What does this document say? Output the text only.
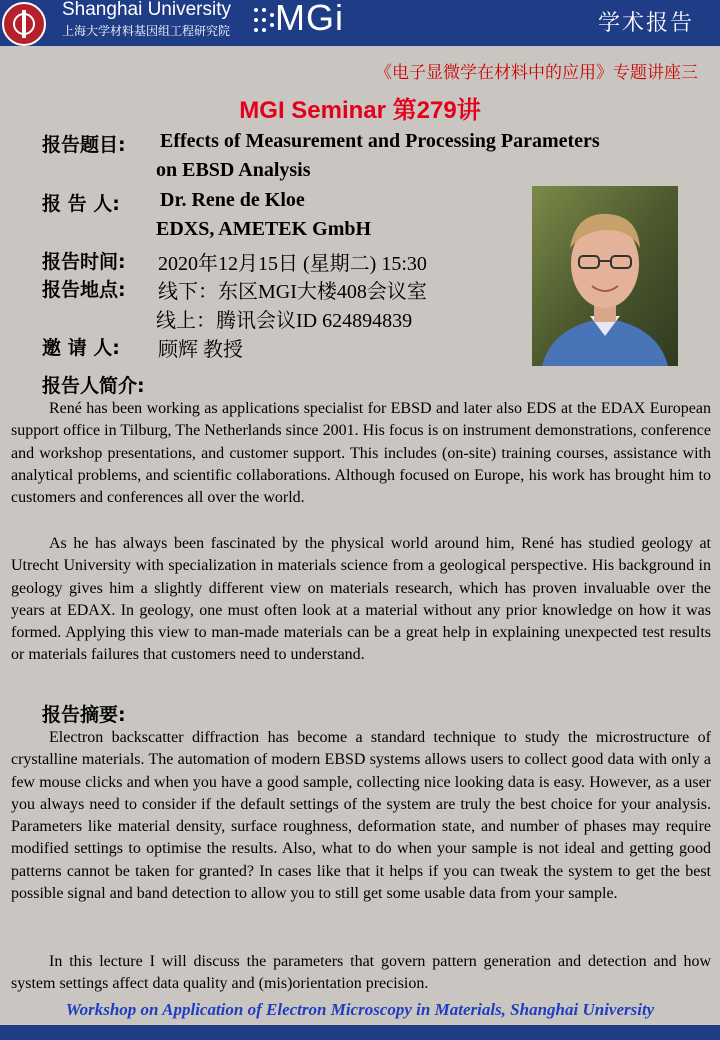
Shanghai University
上海大学材料基因组工程研究院 MGi	学术报告
《电子显微学在材料中的应用》专题讲座三
MGI Seminar 第279讲
报告题目: Effects of Measurement and Processing Parameters
on EBSD Analysis
报 告 人: Dr. Rene de Kloe
EDXS, AMETEK GmbH
报告时间: 2020年12月15日 (星期二) 15:30
报告地点: 线下：东区MGI大楼408会议室
线上：腾讯会议ID 624894839
邀 请 人: 顾辉 教授
报告人简介:

René has been working as applications specialist for EBSD and later also EDS at the EDAX European support office in Tilburg, The Netherlands since 2001. His focus is on instrument demonstrations, conference and workshop presentations, and customer support. This includes (on-site) training courses, assistance with analytical problems, and scientific collaborations. Although focused on Europe, his work has brought him to customers and conferences all over the world.

As he has always been fascinated by the physical world around him, René has studied geology at Utrecht University with specialization in materials science from a geological perspective. His background in geology gives him a slightly different view on materials research, which has proven invaluable over the years at EDAX. In geology, one must often look at a material without any prior knowledge on how it was formed. Applying this view to man-made materials can be a great help in explaining unexpected test results or materials failures that customers need to understand.

报告摘要:

Electron backscatter diffraction has become a standard technique to study the microstructure of crystalline materials. The automation of modern EBSD systems allows users to collect good data with only a few mouse clicks and when you have a good sample, collecting nice looking data is easy. However, as a user you always need to consider if the default settings of the system are truly the best choice for your analysis. Parameters like material density, surface roughness, deformation state, and number of phases may require modified settings to optimise the results. Also, what to do when your sample is not ideal and getting good patterns cannot be taken for granted? In cases like that it helps if you can tweak the system to get the best possible signal and band detection to allow you to still get some usable data from your sample.

In this lecture I will discuss the parameters that govern pattern generation and detection and how system settings affect data quality and (mis)orientation precision.

Workshop on Application of Electron Microscopy in Materials, Shanghai University
